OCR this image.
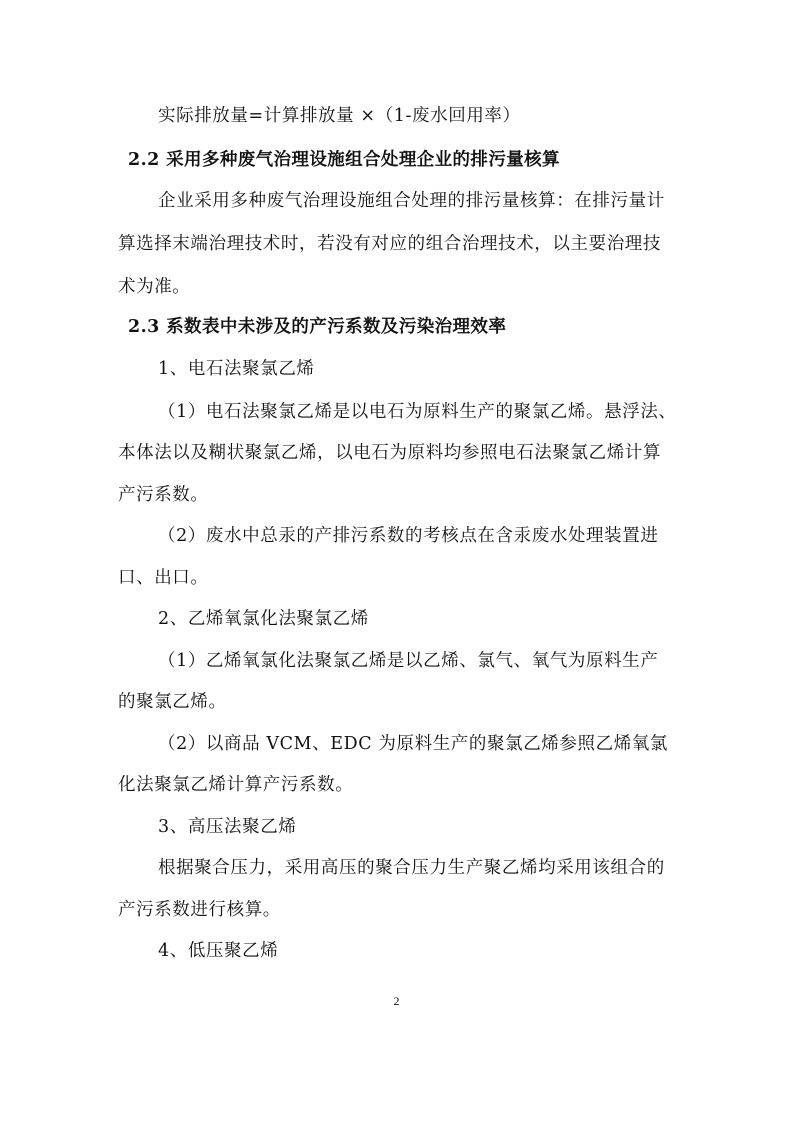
实际排放量=计算排放量 ×（1-废水回用率）
2.2 采用多种废气治理设施组合处理企业的排污量核算
企业采用多种废气治理设施组合处理的排污量核算：在排污量计
算选择末端治理技术时，若没有对应的组合治理技术，以主要治理技
术为准。
2.3 系数表中未涉及的产污系数及污染治理效率
1、电石法聚氯乙烯
（1）电石法聚氯乙烯是以电石为原料生产的聚氯乙烯。悬浮法、
本体法以及糊状聚氯乙烯，以电石为原料均参照电石法聚氯乙烯计算
产污系数。
（2）废水中总汞的产排污系数的考核点在含汞废水处理装置进
口、出口。
2、乙烯氧氯化法聚氯乙烯
（1）乙烯氧氯化法聚氯乙烯是以乙烯、氯气、氧气为原料生产
的聚氯乙烯。
（2）以商品 VCM、EDC 为原料生产的聚氯乙烯参照乙烯氧氯
化法聚氯乙烯计算产污系数。
3、高压法聚乙烯
根据聚合压力，采用高压的聚合压力生产聚乙烯均采用该组合的
产污系数进行核算。
4、低压聚乙烯
2
